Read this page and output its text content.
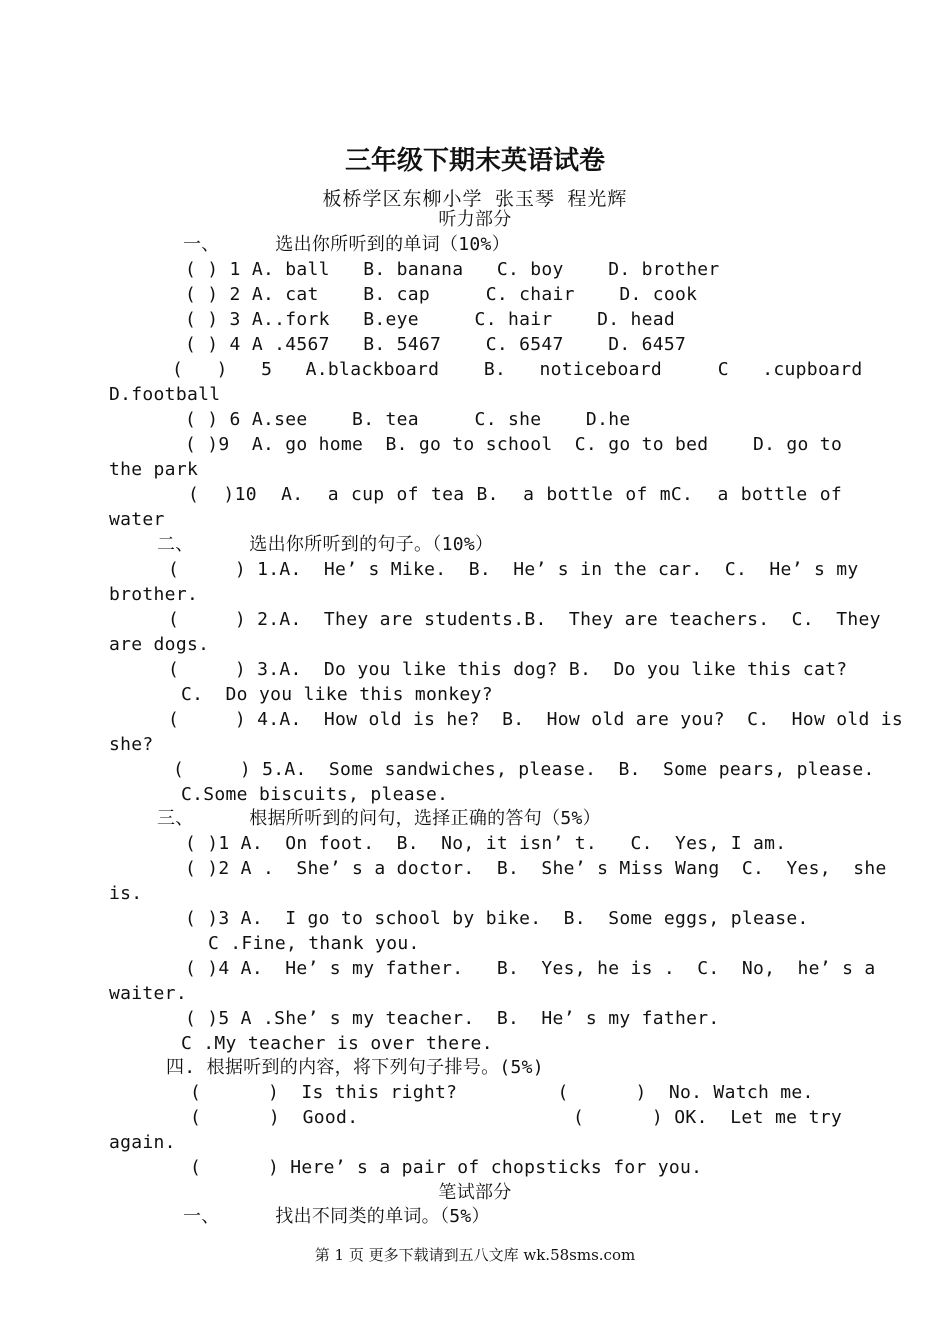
三年级下期末英语试卷
板桥学区东柳小学 张玉琴 程光辉
听力部分
一、     选出你所听到的单词（10%）
( ) 1 A. ball   B. banana   C. boy    D. brother
( ) 2 A. cat    B. cap     C. chair    D. cook
( ) 3 A..fork   B.eye     C. hair    D. head
( ) 4 A .4567   B. 5467    C. 6547    D. 6457
(   )   5   A.blackboard    B.   noticeboard     C   .cupboard
D.football
( ) 6 A.see    B. tea     C. she    D.he
( )9  A. go home  B. go to school  C. go to bed    D. go to
the park
(  )10  A.  a cup of tea B.  a bottle of mC.  a bottle of
water
二、     选出你所听到的句子。（10%）
(     ) 1.A.  He’ s Mike.  B.  He’ s in the car.  C.  He’ s my
brother.
(     ) 2.A.  They are students.B.  They are teachers.  C.  They
are dogs.
(     ) 3.A.  Do you like this dog? B.  Do you like this cat?
C.  Do you like this monkey?
(     ) 4.A.  How old is he?  B.  How old are you?  C.  How old is
she?
(     ) 5.A.  Some sandwiches, please.  B.  Some pears, please.
C.Some biscuits, please.
三、     根据所听到的问句，选择正确的答句（5%）
( )1 A.  On foot.  B.  No, it isn’ t.   C.  Yes, I am.
( )2 A .  She’ s a doctor.  B.  She’ s Miss Wang  C.  Yes,  she
is.
( )3 A.  I go to school by bike.  B.  Some eggs, please.
C .Fine, thank you.
( )4 A.  He’ s my father.   B.  Yes, he is .  C.  No,  he’ s a
waiter.
( )5 A .She’ s my teacher.  B.  He’ s my father.
C .My teacher is over there.
四. 根据听到的内容，将下列句子排号。(5%)
(      )  Is this right?         (      )  No. Watch me.
(      )  Good.                   (      ) OK.  Let me try
again.
(      ) Here’ s a pair of chopsticks for you.
笔试部分
一、     找出不同类的单词。（5%）
第 1 页 更多下载请到五八文库 wk.58sms.com
